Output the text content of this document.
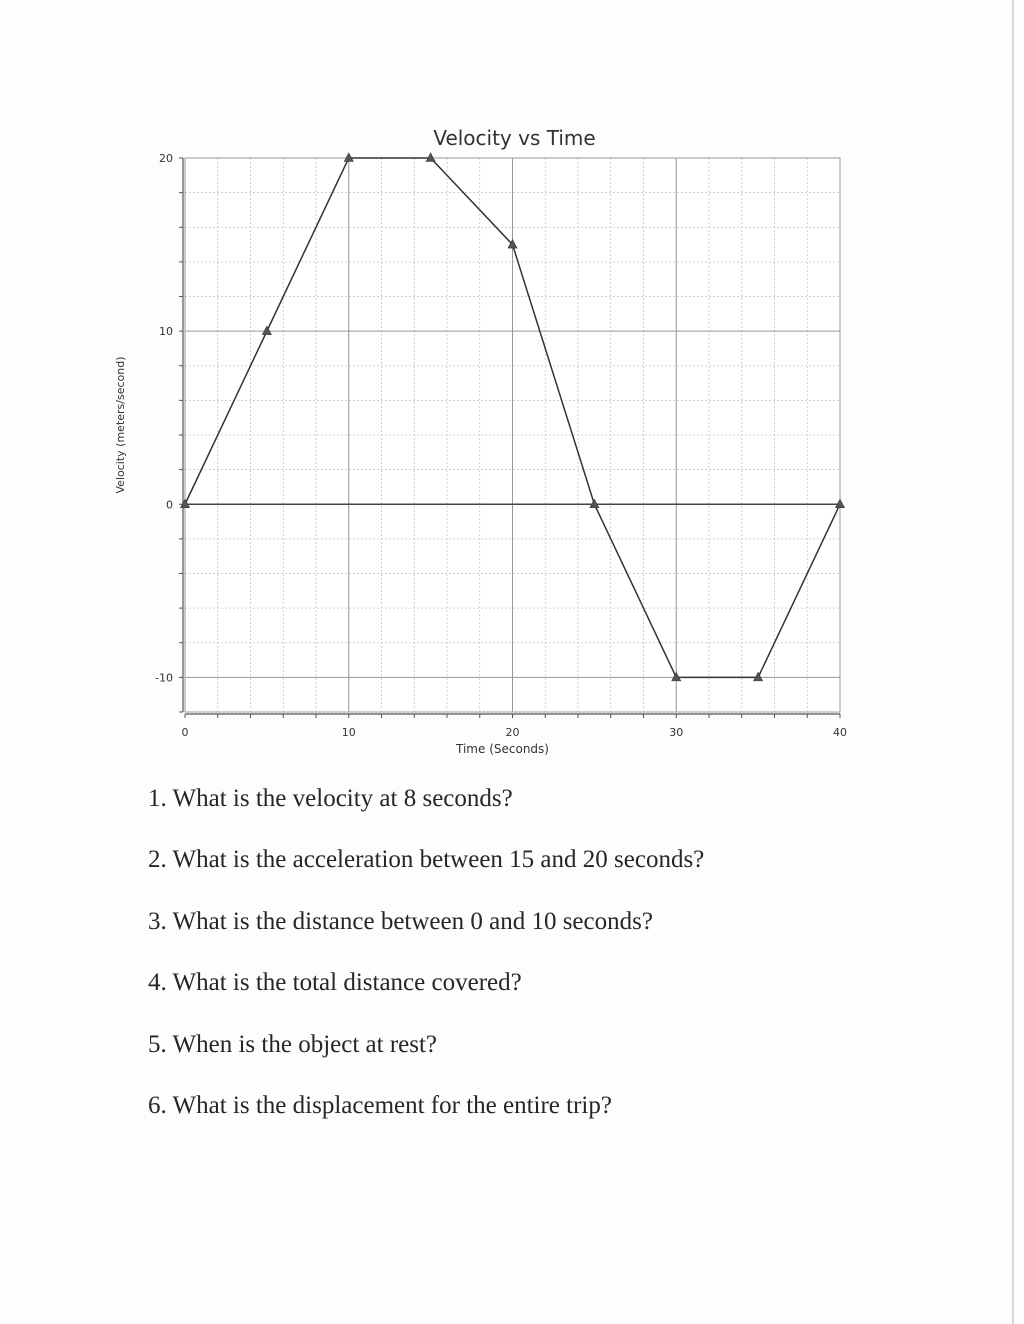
0	10	20	30	40
-10
0
10
20
Velocity vs Time
Time (Seconds)
Velocity (meters/second)
1. What is the velocity at 8 seconds?
2. What is the acceleration between 15 and 20 seconds?
3. What is the distance between 0 and 10 seconds?
4. What is the total distance covered?
5. When is the object at rest?
6. What is the displacement for the entire trip?
